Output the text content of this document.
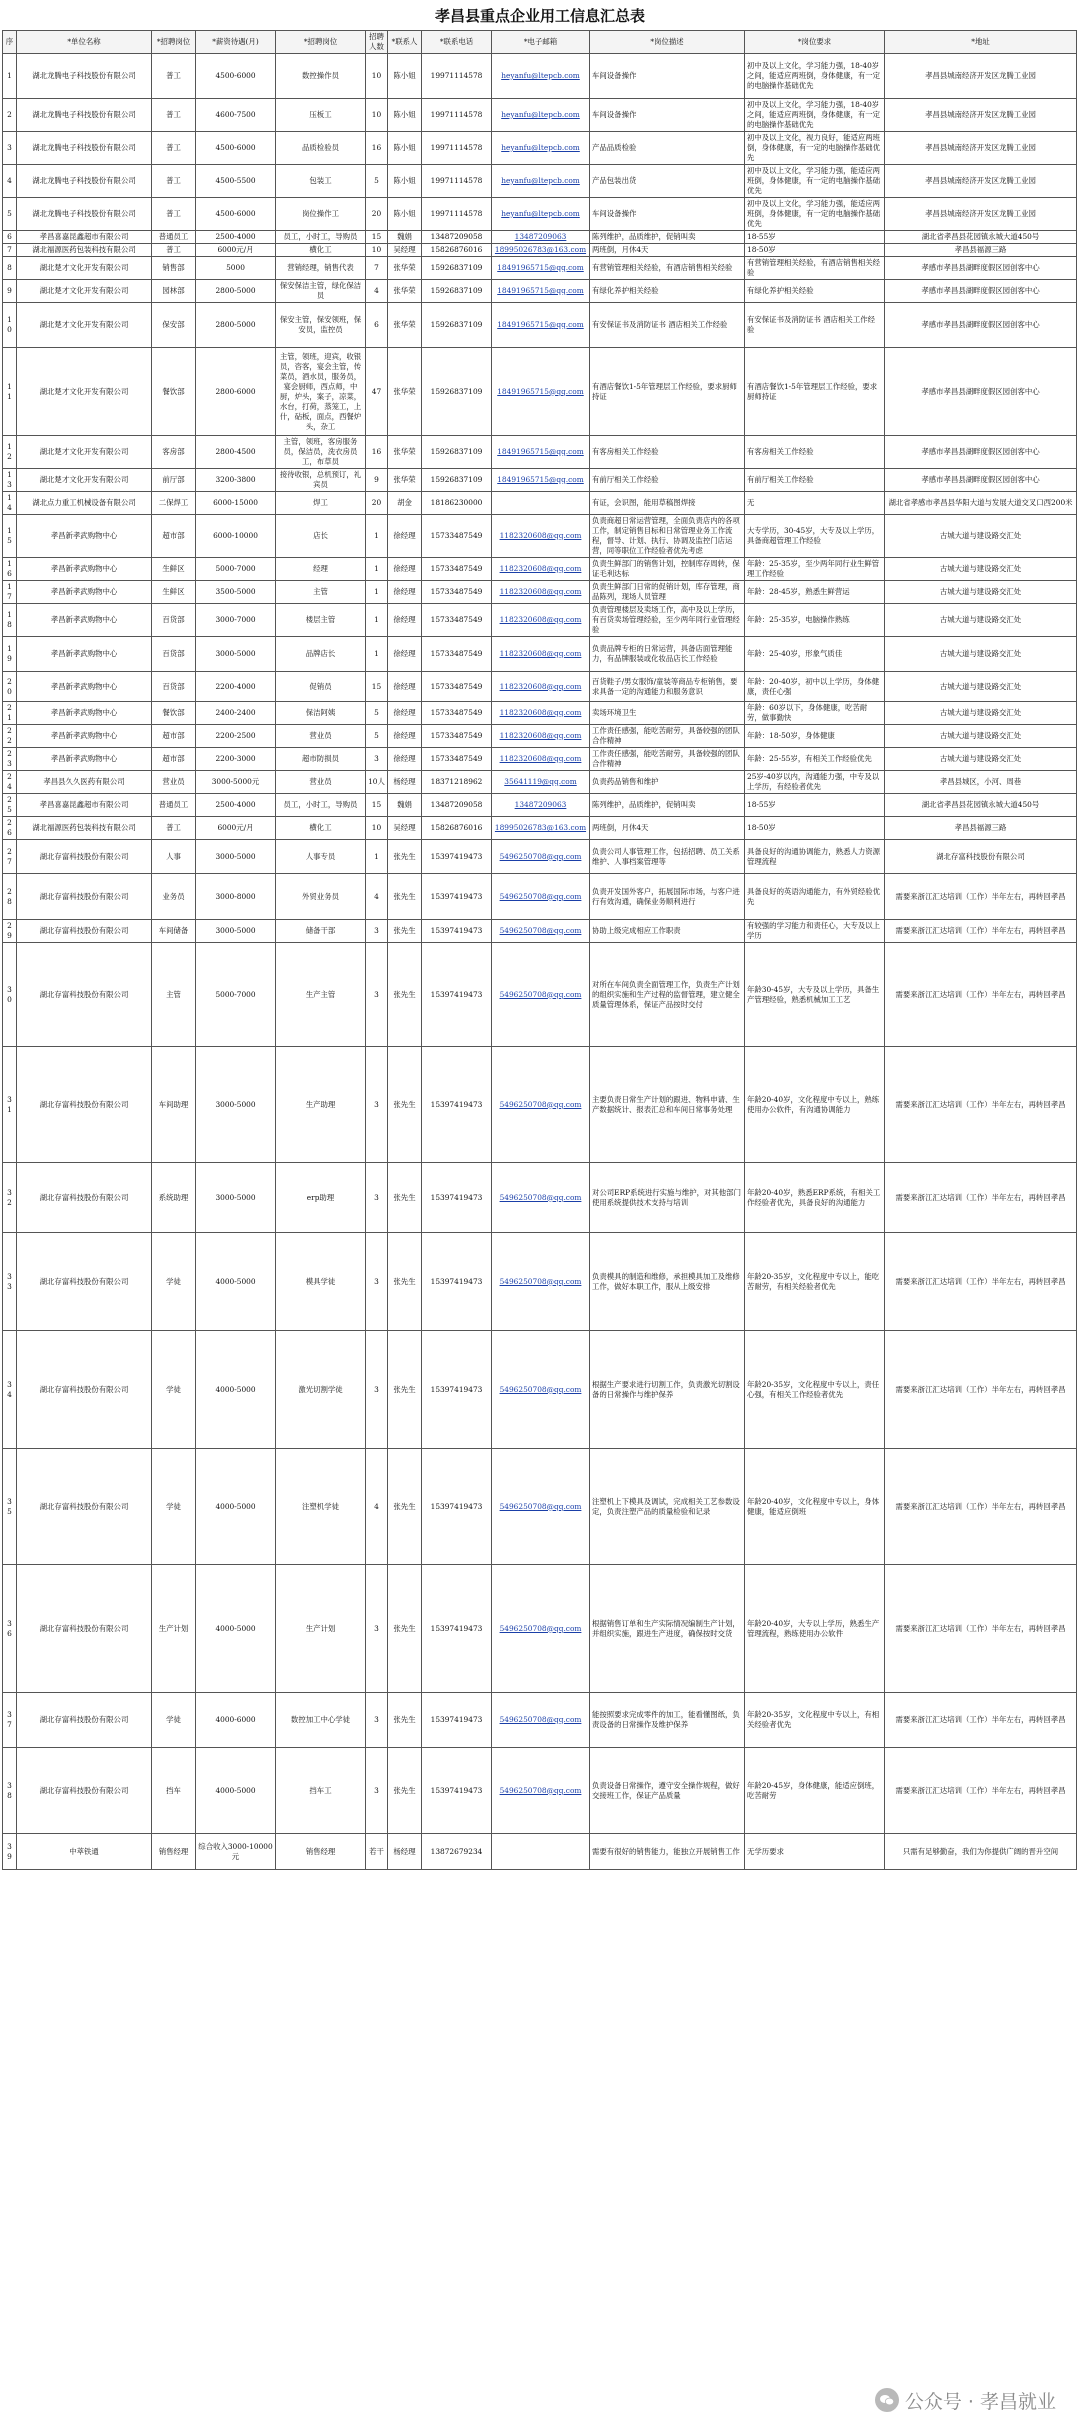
孝昌县重点企业用工信息汇总表
序	*单位名称	*招聘岗位	*薪资待遇(月)	*招聘岗位	招聘人数	*联系人	*联系电话	*电子邮箱	*岗位描述	*岗位要求	*地址
1	湖北龙腾电子科技股份有限公司	普工	4500-6000	数控操作员	10	陈小姐	19971114578	heyanfu@ltepcb.com	车间设备操作	初中及以上文化，学习能力强，18-40岁之间，能适应两班倒，身体健康，有一定的电脑操作基础优先	孝昌县城南经济开发区龙腾工业园
2	湖北龙腾电子科技股份有限公司	普工	4600-7500	压板工	10	陈小姐	19971114578	heyanfu@ltepcb.com	车间设备操作	初中及以上文化，学习能力强，18-40岁之间，能适应两班倒，身体健康，有一定的电脑操作基础优先	孝昌县城南经济开发区龙腾工业园
3	湖北龙腾电子科技股份有限公司	普工	4500-6000	品质检验员	16	陈小姐	19971114578	heyanfu@ltepcb.com	产品品质检验	初中及以上文化，视力良好，能适应两班倒，身体健康，有一定的电脑操作基础优先	孝昌县城南经济开发区龙腾工业园
4	湖北龙腾电子科技股份有限公司	普工	4500-5500	包装工	5	陈小姐	19971114578	heyanfu@ltepcb.com	产品包装出货	初中及以上文化，学习能力强，能适应两班倒，身体健康，有一定的电脑操作基础优先	孝昌县城南经济开发区龙腾工业园
5	湖北龙腾电子科技股份有限公司	普工	4500-6000	岗位操作工	20	陈小姐	19971114578	heyanfu@ltepcb.com	车间设备操作	初中及以上文化，学习能力强，能适应两班倒，身体健康，有一定的电脑操作基础优先	孝昌县城南经济开发区龙腾工业园
6	孝昌喜嘉昆鑫超市有限公司	普通员工	2500-4000	员工，小时工，导购员	15	魏娟	13487209058	13487209063	陈列维护，品质维护，促销叫卖	18-55岁	湖北省孝昌县花园镇永城大道450号
7	湖北福源医药包装科技有限公司	普工	6000元/月	横化工	10	吴经理	15826876016	18995026783@163.com	两班倒，月休4天	18-50岁	孝昌县福源三路
8	湖北楚才文化开发有限公司	销售部	5000	营销经理，销售代表	7	张华荣	15926837109	18491965715@qq.com	有营销管理相关经验，有酒店销售相关经验	有营销管理相关经验，有酒店销售相关经验	孝感市孝昌县湖畔度假区园创客中心
9	湖北楚才文化开发有限公司	园林部	2800-5000	保安保洁主管，绿化保洁员	4	张华荣	15926837109	18491965715@qq.com	有绿化养护相关经验	有绿化养护相关经验	孝感市孝昌县湖畔度假区园创客中心
10	湖北楚才文化开发有限公司	保安部	2800-5000	保安主管，保安领班，保安员，监控员	6	张华荣	15926837109	18491965715@qq.com	有安保证书及消防证书 酒店相关工作经验	有安保证书及消防证书 酒店相关工作经验	孝感市孝昌县湖畔度假区园创客中心
11	湖北楚才文化开发有限公司	餐饮部	2800-6000	主管，领班，迎宾，收银员，咨客，宴会主管，传菜员，酒水员，服务员，宴会厨师，西点师，中厨，炉头，案子，凉菜，水台，打荷，蒸笼工，上什，砧板，面点，西餐炉头，杂工	47	张华荣	15926837109	18491965715@qq.com	有酒店餐饮1-5年管理层工作经验，要求厨师持证	有酒店餐饮1-5年管理层工作经验，要求厨师持证	孝感市孝昌县湖畔度假区园创客中心
12	湖北楚才文化开发有限公司	客房部	2800-4500	主管，领班，客房服务员，保洁员，洗衣房员工，布草员	16	张华荣	15926837109	18491965715@qq.com	有客房相关工作经验	有客房相关工作经验	孝感市孝昌县湖畔度假区园创客中心
13	湖北楚才文化开发有限公司	前厅部	3200-3800	接待收银，总机预订，礼宾员	9	张华荣	15926837109	18491965715@qq.com	有前厅相关工作经验	有前厅相关工作经验	孝感市孝昌县湖畔度假区园创客中心
14	湖北点力重工机械设备有限公司	二保焊工	6000-15000	焊工	20	胡金	18186230000		有证，会识图，能用草稿图焊接	无	湖北省孝感市孝昌县华阳大道与发展大道交叉口西200米
15	孝昌新孝武购物中心	超市部	6000-10000	店长	1	徐经理	15733487549	1182320608@qq.com	负责商超日常运营管理，全面负责店内的各项工作，制定销售目标和日常管理业务工作流程，督导、计划、执行、协调及监控门店运营，同等职位工作经验者优先考虑	大专学历，30-45岁，大专及以上学历，具备商超管理工作经验	古城大道与建设路交汇处
16	孝昌新孝武购物中心	生鲜区	5000-7000	经理	1	徐经理	15733487549	1182320608@qq.com	负责生鲜部门的销售计划，控制库存周转，保证毛利达标	年龄：25-35岁，至少两年同行业生鲜管理工作经验	古城大道与建设路交汇处
17	孝昌新孝武购物中心	生鲜区	3500-5000	主管	1	徐经理	15733487549	1182320608@qq.com	负责生鲜部门日常的促销计划，库存管理，商品陈列，现场人员管理	年龄：28-45岁，熟悉生鲜营运	古城大道与建设路交汇处
18	孝昌新孝武购物中心	百货部	3000-7000	楼层主管	1	徐经理	15733487549	1182320608@qq.com	负责管理楼层及卖场工作，高中及以上学历，有百货卖场管理经验，至少两年同行业管理经验	年龄：25-35岁，电脑操作熟练	古城大道与建设路交汇处
19	孝昌新孝武购物中心	百货部	3000-5000	品牌店长	1	徐经理	15733487549	1182320608@qq.com	负责品牌专柜的日常运营，具备店面管理能力，有品牌服装或化妆品店长工作经验	年龄：25-40岁，形象气质佳	古城大道与建设路交汇处
20	孝昌新孝武购物中心	百货部	2200-4000	促销员	15	徐经理	15733487549	1182320608@qq.com	百货鞋子/男女服饰/童装等商品专柜销售，要求具备一定的沟通能力和服务意识	年龄：20-40岁，初中以上学历，身体健康，责任心强	古城大道与建设路交汇处
21	孝昌新孝武购物中心	餐饮部	2400-2400	保洁阿姨	5	徐经理	15733487549	1182320608@qq.com	卖场环境卫生	年龄：60岁以下，身体健康，吃苦耐劳，做事勤快	古城大道与建设路交汇处
22	孝昌新孝武购物中心	超市部	2200-2500	营业员	5	徐经理	15733487549	1182320608@qq.com	工作责任感强，能吃苦耐劳，具备较强的团队合作精神	年龄：18-50岁，身体健康	古城大道与建设路交汇处
23	孝昌新孝武购物中心	超市部	2200-3000	超市防损员	3	徐经理	15733487549	1182320608@qq.com	工作责任感强，能吃苦耐劳，具备较强的团队合作精神	年龄：25-55岁，有相关工作经验优先	古城大道与建设路交汇处
24	孝昌县久久医药有限公司	营业员	3000-5000元	营业员	10人	杨经理	18371218962	35641119@qq.com	负责药品销售和维护	25岁-40岁以内，沟通能力强，中专及以上学历，有经验者优先	孝昌县城区，小河、周巷
25	孝昌喜嘉昆鑫超市有限公司	普通员工	2500-4000	员工，小时工，导购员	15	魏娟	13487209058	13487209063	陈列维护，品质维护，促销叫卖	18-55岁	湖北省孝昌县花园镇永城大道450号
26	湖北福源医药包装科技有限公司	普工	6000元/月	横化工	10	吴经理	15826876016	18995026783@163.com	两班倒，月休4天	18-50岁	孝昌县福源三路
27	湖北存富科技股份有限公司	人事	3000-5000	人事专员	1	张先生	15397419473	5496250708@qq.com	负责公司人事管理工作，包括招聘、员工关系维护、人事档案管理等	具备良好的沟通协调能力，熟悉人力资源管理流程	湖北存富科技股份有限公司
28	湖北存富科技股份有限公司	业务员	3000-8000	外贸业务员	4	张先生	15397419473	5496250708@qq.com	负责开发国外客户，拓展国际市场，与客户进行有效沟通，确保业务顺利进行	具备良好的英语沟通能力，有外贸经验优先	需要来浙江汇达培训（工作）半年左右，再转回孝昌
29	湖北存富科技股份有限公司	车间储备	3000-5000	储备干部	3	张先生	15397419473	5496250708@qq.com	协助上级完成相应工作职责	有较强的学习能力和责任心，大专及以上学历	需要来浙江汇达培训（工作）半年左右，再转回孝昌
30	湖北存富科技股份有限公司	主管	5000-7000	生产主管	3	张先生	15397419473	5496250708@qq.com	对所在车间负责全面管理工作，负责生产计划的组织实施和生产过程的监督管理，建立健全质量管理体系，保证产品按时交付	年龄30-45岁，大专及以上学历，具备生产管理经验，熟悉机械加工工艺	需要来浙江汇达培训（工作）半年左右，再转回孝昌
31	湖北存富科技股份有限公司	车间助理	3000-5000	生产助理	3	张先生	15397419473	5496250708@qq.com	主要负责日常生产计划的跟进、物料申请、生产数据统计、报表汇总和车间日常事务处理	年龄20-40岁，文化程度中专以上，熟练使用办公软件，有沟通协调能力	需要来浙江汇达培训（工作）半年左右，再转回孝昌
32	湖北存富科技股份有限公司	系统助理	3000-5000	erp助理	3	张先生	15397419473	5496250708@qq.com	对公司ERP系统进行实施与维护，对其他部门使用系统提供技术支持与培训	年龄20-40岁，熟悉ERP系统，有相关工作经验者优先，具备良好的沟通能力	需要来浙江汇达培训（工作）半年左右，再转回孝昌
33	湖北存富科技股份有限公司	学徒	4000-5000	模具学徒	3	张先生	15397419473	5496250708@qq.com	负责模具的制造和维修，承担模具加工及维修工作，做好本职工作，服从上级安排	年龄20-35岁，文化程度中专以上，能吃苦耐劳，有相关经验者优先	需要来浙江汇达培训（工作）半年左右，再转回孝昌
34	湖北存富科技股份有限公司	学徒	4000-5000	激光切割学徒	3	张先生	15397419473	5496250708@qq.com	根据生产要求进行切割工作，负责激光切割设备的日常操作与维护保养	年龄20-35岁，文化程度中专以上，责任心强，有相关工作经验者优先	需要来浙江汇达培训（工作）半年左右，再转回孝昌
35	湖北存富科技股份有限公司	学徒	4000-5000	注塑机学徒	4	张先生	15397419473	5496250708@qq.com	注塑机上下模具及调试，完成相关工艺参数设定，负责注塑产品的质量检验和记录	年龄20-40岁，文化程度中专以上，身体健康，能适应倒班	需要来浙江汇达培训（工作）半年左右，再转回孝昌
36	湖北存富科技股份有限公司	生产计划	4000-5000	生产计划	3	张先生	15397419473	5496250708@qq.com	根据销售订单和生产实际情况编制生产计划，并组织实施，跟进生产进度，确保按时交货	年龄20-40岁，大专以上学历，熟悉生产管理流程，熟练使用办公软件	需要来浙江汇达培训（工作）半年左右，再转回孝昌
37	湖北存富科技股份有限公司	学徒	4000-6000	数控加工中心学徒	3	张先生	15397419473	5496250708@qq.com	能按照要求完成零件的加工，能看懂图纸，负责设备的日常操作及维护保养	年龄20-35岁，文化程度中专以上，有相关经验者优先	需要来浙江汇达培训（工作）半年左右，再转回孝昌
38	湖北存富科技股份有限公司	挡车	4000-5000	挡车工	3	张先生	15397419473	5496250708@qq.com	负责设备日常操作，遵守安全操作规程，做好交接班工作，保证产品质量	年龄20-45岁，身体健康，能适应倒班，吃苦耐劳	需要来浙江汇达培训（工作）半年左右，再转回孝昌
39	中萃铁通	销售经理	综合收入3000-10000元	销售经理	若干	杨经理	13872679234		需要有很好的销售能力，能独立开展销售工作	无学历要求	只需有足够勤奋，我们为你提供广阔的晋升空间
公众号 · 孝昌就业
